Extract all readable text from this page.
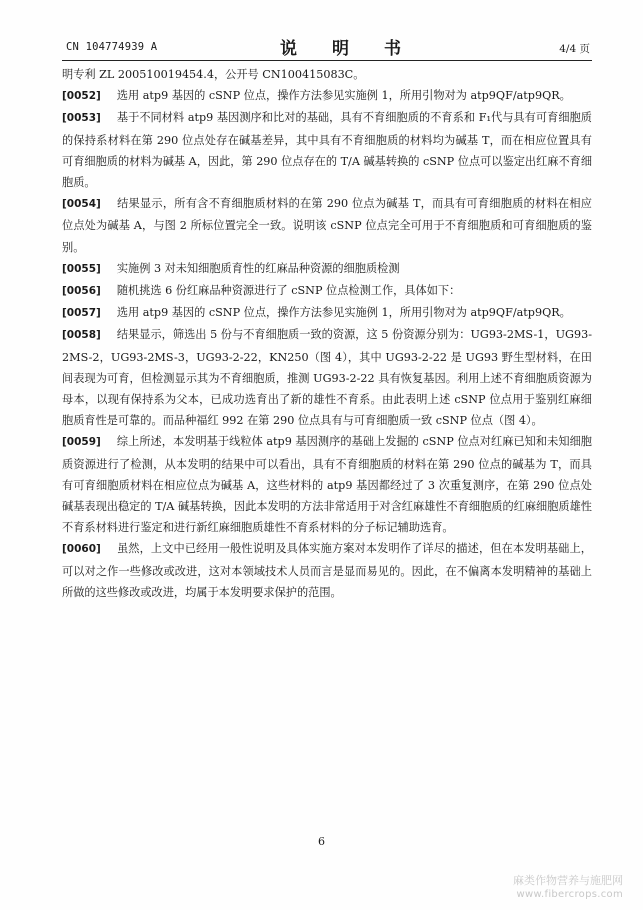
CN 104774939 A	说　明　书	4/4 页

明专利 ZL 200510019454.4，公开号 CN100415083C。

[0052] 选用 atp9 基因的 cSNP 位点，操作方法参见实施例 1，所用引物对为 atp9QF/atp9QR。

[0053] 基于不同材料 atp9 基因测序和比对的基础，具有不育细胞质的不育系和 F₁代与具有可育细胞质的保持系材料在第 290 位点处存在碱基差异，其中具有不育细胞质的材料均为碱基 T，而在相应位置具有可育细胞质的材料为碱基 A，因此，第 290 位点存在的 T/A 碱基转换的 cSNP 位点可以鉴定出红麻不育细胞质。

[0054] 结果显示，所有含不育细胞质材料的在第 290 位点为碱基 T，而具有可育细胞质的材料在相应位点处为碱基 A，与图 2 所标位置完全一致。说明该 cSNP 位点完全可用于不育细胞质和可育细胞质的鉴别。

[0055] 实施例 3 对未知细胞质育性的红麻品种资源的细胞质检测

[0056] 随机挑选 6 份红麻品种资源进行了 cSNP 位点检测工作，具体如下：

[0057] 选用 atp9 基因的 cSNP 位点，操作方法参见实施例 1，所用引物对为 atp9QF/atp9QR。

[0058] 结果显示，筛选出 5 份与不育细胞质一致的资源，这 5 份资源分别为：UG93-2MS-1，UG93-2MS-2，UG93-2MS-3，UG93-2-22，KN250（图 4），其中 UG93-2-22 是 UG93 野生型材料，在田间表现为可育，但检测显示其为不育细胞质，推测 UG93-2-22 具有恢复基因。利用上述不育细胞质资源为母本，以现有保持系为父本，已成功选育出了新的雄性不育系。由此表明上述 cSNP 位点用于鉴别红麻细胞质育性是可靠的。而品种福红 992 在第 290 位点具有与可育细胞质一致 cSNP 位点（图 4）。

[0059] 综上所述，本发明基于线粒体 atp9 基因测序的基础上发掘的 cSNP 位点对红麻已知和未知细胞质资源进行了检测，从本发明的结果中可以看出，具有不育细胞质的材料在第 290 位点的碱基为 T，而具有可育细胞质材料在相应位点为碱基 A，这些材料的 atp9 基因都经过了 3 次重复测序，在第 290 位点处碱基表现出稳定的 T/A 碱基转换，因此本发明的方法非常适用于对含红麻雄性不育细胞质的红麻细胞质雄性不育系材料进行鉴定和进行新红麻细胞质雄性不育系材料的分子标记辅助选育。

[0060] 虽然，上文中已经用一般性说明及具体实施方案对本发明作了详尽的描述，但在本发明基础上，可以对之作一些修改或改进，这对本领域技术人员而言是显而易见的。因此，在不偏离本发明精神的基础上所做的这些修改或改进，均属于本发明要求保护的范围。

6
麻类作物营养与施肥网
www.fibercrops.com
